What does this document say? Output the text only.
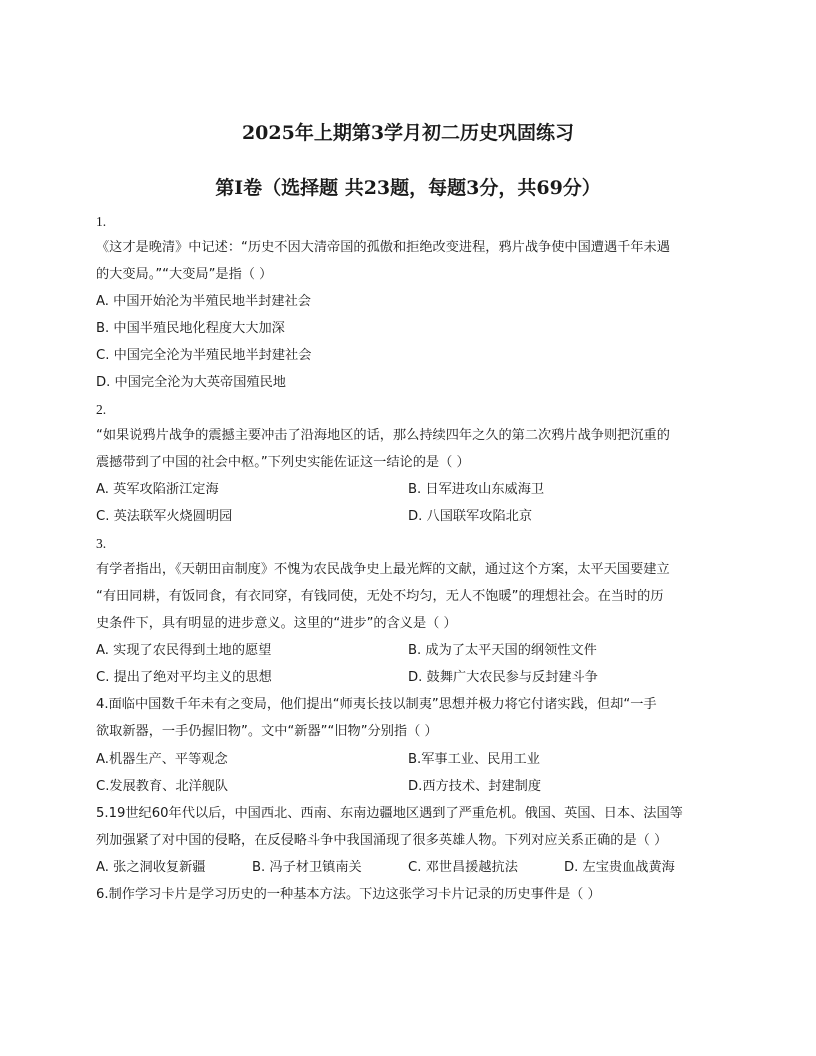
2025年上期第3学月初二历史巩固练习
第Ⅰ卷（选择题 共23题，每题3分，共69分）
1.
《这才是晚清》中记述：“历史不因大清帝国的孤傲和拒绝改变进程，鸦片战争使中国遭遇千年未遇
的大变局。”“大变局”是指（ ）
A. 中国开始沦为半殖民地半封建社会
B. 中国半殖民地化程度大大加深
C. 中国完全沦为半殖民地半封建社会
D. 中国完全沦为大英帝国殖民地
2.
“如果说鸦片战争的震撼主要冲击了沿海地区的话，那么持续四年之久的第二次鸦片战争则把沉重的
震撼带到了中国的社会中枢。”下列史实能佐证这一结论的是（ ）
A. 英军攻陷浙江定海	B. 日军进攻山东威海卫
C. 英法联军火烧圆明园	D. 八国联军攻陷北京
3.
有学者指出，《天朝田亩制度》不愧为农民战争史上最光辉的文献，通过这个方案，太平天国要建立
“有田同耕，有饭同食，有衣同穿，有钱同使，无处不均匀，无人不饱暖”的理想社会。在当时的历
史条件下，具有明显的进步意义。这里的“进步”的含义是（ ）
A. 实现了农民得到土地的愿望	B. 成为了太平天国的纲领性文件
C. 提出了绝对平均主义的思想	D. 鼓舞广大农民参与反封建斗争
4.面临中国数千年未有之变局，他们提出“师夷长技以制夷”思想并极力将它付诸实践，但却“一手
欲取新器，一手仍握旧物”。文中“新器”“旧物”分别指（ ）
A.机器生产、平等观念	B.军事工业、民用工业
C.发展教育、北洋舰队	D.西方技术、封建制度
5.19世纪60年代以后，中国西北、西南、东南边疆地区遇到了严重危机。俄国、英国、日本、法国等
列加强紧了对中国的侵略，在反侵略斗争中我国涌现了很多英雄人物。下列对应关系正确的是（ ）
A. 张之洞收复新疆	B. 冯子材卫镇南关	C. 邓世昌援越抗法	D. 左宝贵血战黄海
6.制作学习卡片是学习历史的一种基本方法。下边这张学习卡片记录的历史事件是（ ）
